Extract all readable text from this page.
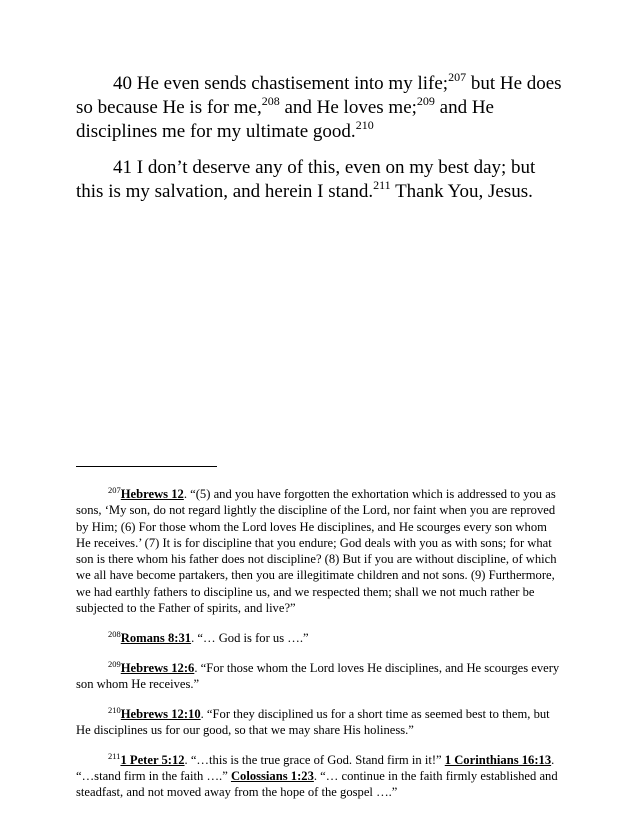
40 He even sends chastisement into my life;$^{207}$ but He does so because He is for me,$^{208}$ and He loves me;$^{209}$ and He disciplines me for my ultimate good.$^{210}$

41 I don’t deserve any of this, even on my best day; but this is my salvation, and herein I stand.$^{211}$ Thank You, Jesus.

$^{207}$Hebrews 12. “(5) and you have forgotten the exhortation which is addressed to you as sons, ‘My son, do not regard lightly the discipline of the Lord, nor faint when you are reproved by Him; (6) For those whom the Lord loves He disciplines, and He scourges every son whom He receives.’ (7) It is for discipline that you endure; God deals with you as with sons; for what son is there whom his father does not discipline? (8) But if you are without discipline, of which we all have become partakers, then you are illegitimate children and not sons. (9) Furthermore, we had earthly fathers to discipline us, and we respected them; shall we not much rather be subjected to the Father of spirits, and live?”

$^{208}$Romans 8:31. “… God is for us ….”

$^{209}$Hebrews 12:6. “For those whom the Lord loves He disciplines, and He scourges every son whom He receives.”

$^{210}$Hebrews 12:10. “For they disciplined us for a short time as seemed best to them, but He disciplines us for our good, so that we may share His holiness.”

$^{211}$1 Peter 5:12. “…this is the true grace of God. Stand firm in it!” 1 Corinthians 16:13. “…stand firm in the faith ….” Colossians 1:23. “… continue in the faith firmly established and steadfast, and not moved away from the hope of the gospel ….”
